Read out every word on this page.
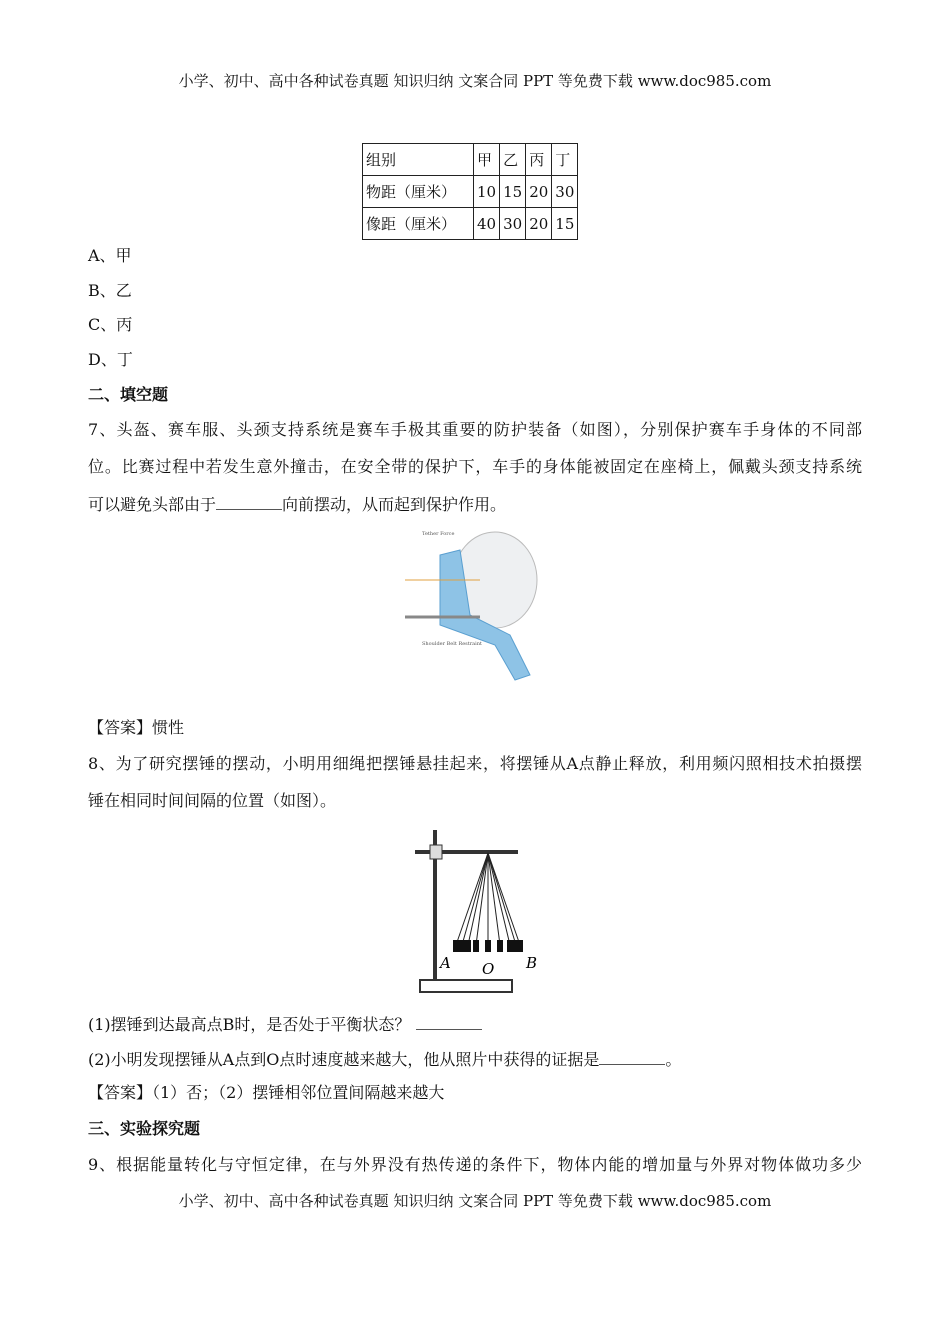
小学、初中、高中各种试卷真题 知识归纳 文案合同 PPT 等免费下载 www.doc985.com
组别	甲	乙	丙	丁
物距（厘米）	10	15	20	30
像距（厘米）	40	30	20	15
A、甲
B、乙
C、丙
D、丁
二、填空题
7、头盔、赛车服、头颈支持系统是赛车手极其重要的防护装备（如图），分别保护赛车手身体的不同部
位。比赛过程中若发生意外撞击，在安全带的保护下，车手的身体能被固定在座椅上，佩戴头颈支持系统
可以避免头部由于	向前摆动，从而起到保护作用。
Tether Force
Shoulder Belt Restraint
【答案】惯性
8、为了研究摆锤的摆动，小明用细绳把摆锤悬挂起来，将摆锤从A点静止释放，利用频闪照相技术拍摄摆
锤在相同时间间隔的位置（如图）。
A O B
(1)摆锤到达最高点B时，是否处于平衡状态？
(2)小明发现摆锤从A点到O点时速度越来越大，他从照片中获得的证据是	。
【答案】（1）否；（2）摆锤相邻位置间隔越来越大
三、实验探究题
9、根据能量转化与守恒定律，在与外界没有热传递的条件下，物体内能的增加量与外界对物体做功多少
小学、初中、高中各种试卷真题 知识归纳 文案合同 PPT 等免费下载 www.doc985.com
